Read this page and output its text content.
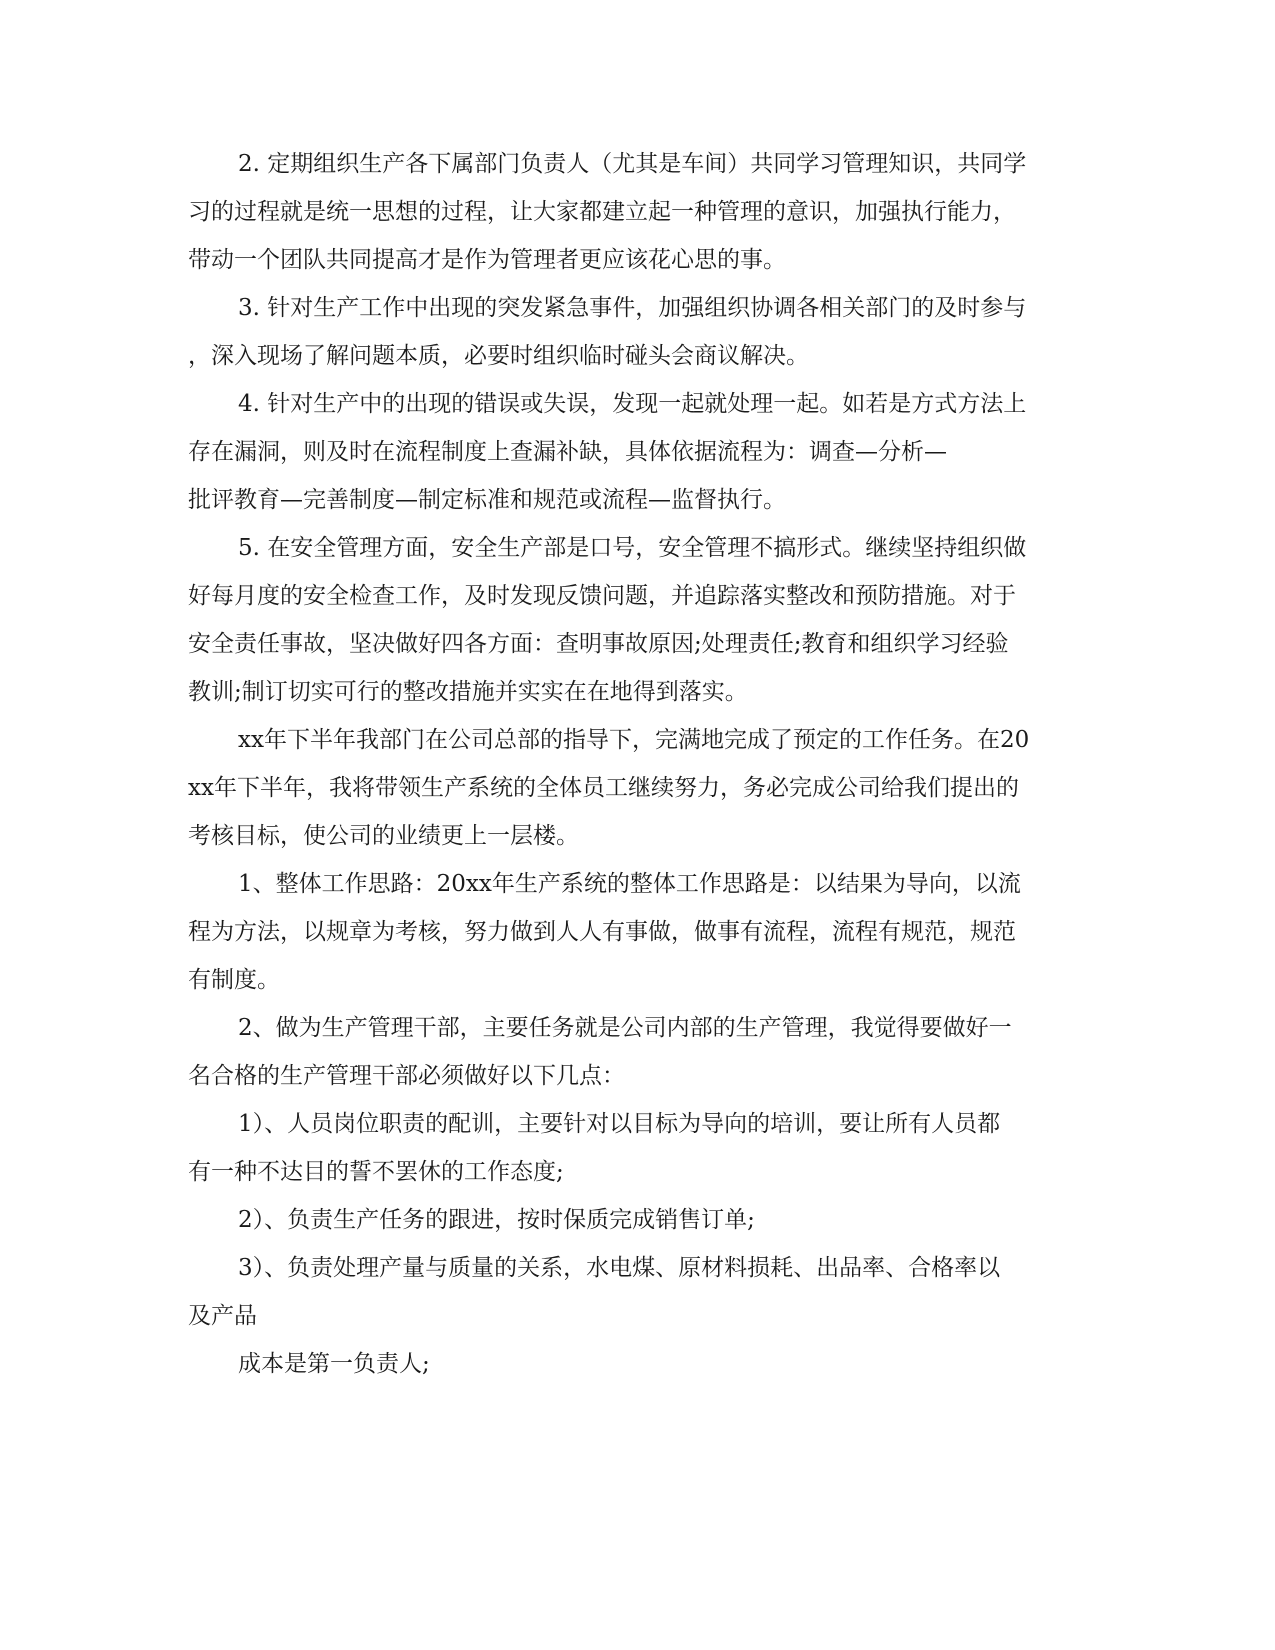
2. 定期组织生产各下属部门负责人（尤其是车间）共同学习管理知识，共同学
习的过程就是统一思想的过程，让大家都建立起一种管理的意识，加强执行能力，
带动一个团队共同提高才是作为管理者更应该花心思的事。
3. 针对生产工作中出现的突发紧急事件，加强组织协调各相关部门的及时参与
，深入现场了解问题本质，必要时组织临时碰头会商议解决。
4. 针对生产中的出现的错误或失误，发现一起就处理一起。如若是方式方法上
存在漏洞，则及时在流程制度上查漏补缺，具体依据流程为：调查—分析—
批评教育—完善制度—制定标准和规范或流程—监督执行。
5. 在安全管理方面，安全生产部是口号，安全管理不搞形式。继续坚持组织做
好每月度的安全检查工作，及时发现反馈问题，并追踪落实整改和预防措施。对于
安全责任事故，坚决做好四各方面：查明事故原因;处理责任;教育和组织学习经验
教训;制订切实可行的整改措施并实实在在地得到落实。
xx年下半年我部门在公司总部的指导下，完满地完成了预定的工作任务。在20
xx年下半年，我将带领生产系统的全体员工继续努力，务必完成公司给我们提出的
考核目标，使公司的业绩更上一层楼。
1、整体工作思路：20xx年生产系统的整体工作思路是：以结果为导向，以流
程为方法，以规章为考核，努力做到人人有事做，做事有流程，流程有规范，规范
有制度。
2、做为生产管理干部，主要任务就是公司内部的生产管理，我觉得要做好一
名合格的生产管理干部必须做好以下几点：
1）、人员岗位职责的配训，主要针对以目标为导向的培训，要让所有人员都
有一种不达目的誓不罢休的工作态度;
2）、负责生产任务的跟进，按时保质完成销售订单;
3）、负责处理产量与质量的关系，水电煤、原材料损耗、出品率、合格率以
及产品
成本是第一负责人;
